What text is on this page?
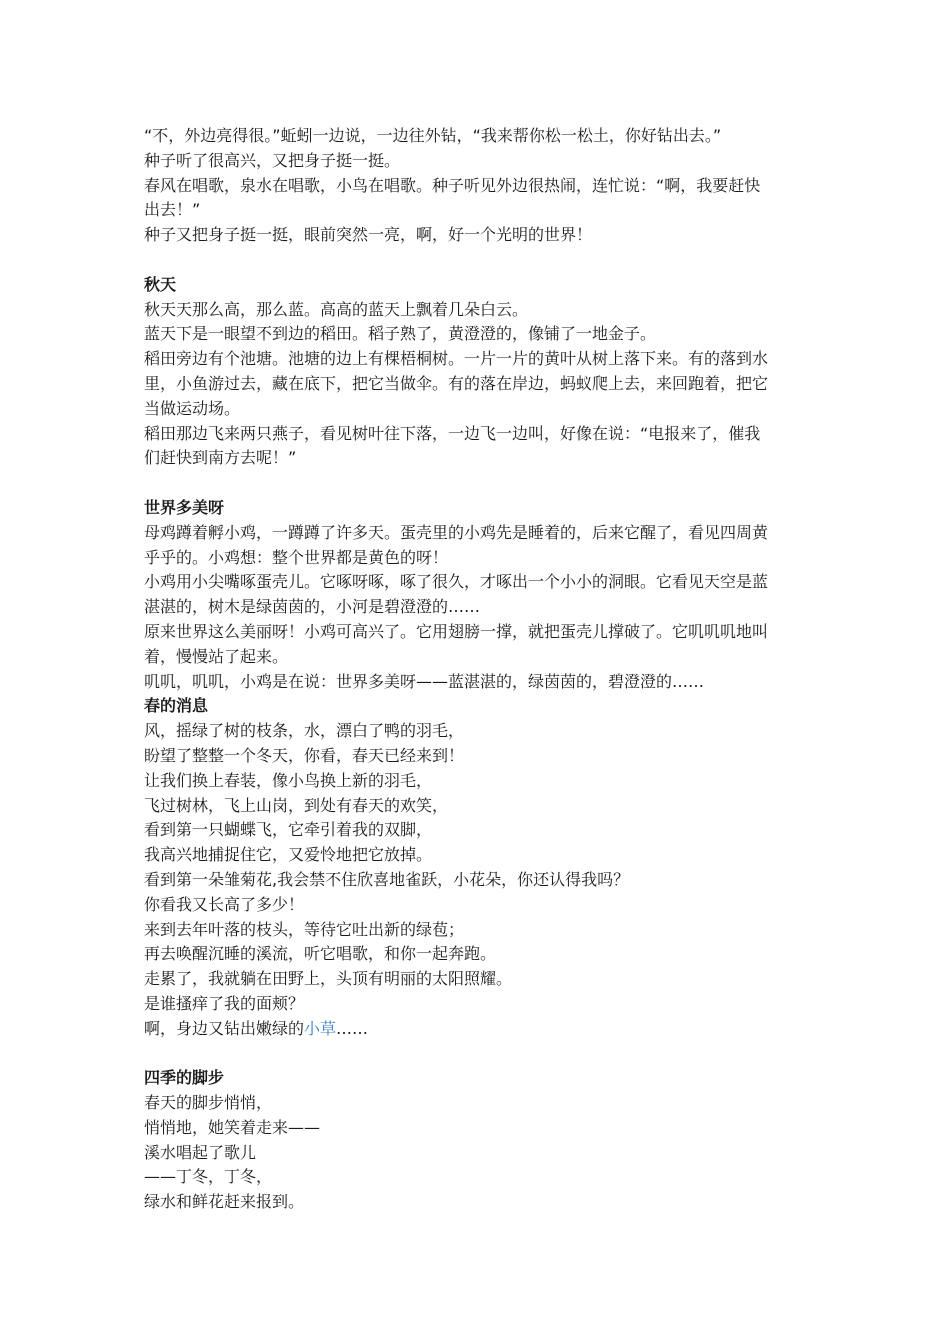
“不，外边亮得很。”蚯蚓一边说，一边往外钻，“我来帮你松一松土，你好钻出去。”
种子听了很高兴，又把身子挺一挺。
春风在唱歌，泉水在唱歌，小鸟在唱歌。种子听见外边很热闹，连忙说：“啊，我要赶快
出去！”
种子又把身子挺一挺，眼前突然一亮，啊，好一个光明的世界！
秋天
秋天天那么高，那么蓝。高高的蓝天上飘着几朵白云。
蓝天下是一眼望不到边的稻田。稻子熟了，黄澄澄的，像铺了一地金子。
稻田旁边有个池塘。池塘的边上有棵梧桐树。一片一片的黄叶从树上落下来。有的落到水
里，小鱼游过去，藏在底下，把它当做伞。有的落在岸边，蚂蚁爬上去，来回跑着，把它
当做运动场。
稻田那边飞来两只燕子，看见树叶往下落，一边飞一边叫，好像在说：“电报来了，催我
们赶快到南方去呢！”
世界多美呀
母鸡蹲着孵小鸡，一蹲蹲了许多天。蛋壳里的小鸡先是睡着的，后来它醒了，看见四周黄
乎乎的。小鸡想：整个世界都是黄色的呀！
小鸡用小尖嘴啄蛋壳儿。它啄呀啄，啄了很久，才啄出一个小小的洞眼。它看见天空是蓝
湛湛的，树木是绿茵茵的，小河是碧澄澄的……
原来世界这么美丽呀！小鸡可高兴了。它用翅膀一撑，就把蛋壳儿撑破了。它叽叽叽地叫
着，慢慢站了起来。
叽叽，叽叽，小鸡是在说：世界多美呀——蓝湛湛的，绿茵茵的，碧澄澄的……
春的消息
风，摇绿了树的枝条，水，漂白了鸭的羽毛，
盼望了整整一个冬天，你看，春天已经来到！
让我们换上春装，像小鸟换上新的羽毛，
飞过树林，飞上山岗，到处有春天的欢笑，
看到第一只蝴蝶飞，它牵引着我的双脚，
我高兴地捕捉住它，又爱怜地把它放掉。
看到第一朵雏菊花,我会禁不住欣喜地雀跃，小花朵，你还认得我吗？
你看我又长高了多少！
来到去年叶落的枝头，等待它吐出新的绿苞；
再去唤醒沉睡的溪流，听它唱歌，和你一起奔跑。
走累了，我就躺在田野上，头顶有明丽的太阳照耀。
是谁搔痒了我的面颊？
啊，身边又钻出嫩绿的小草……
四季的脚步
春天的脚步悄悄，
悄悄地，她笑着走来——
溪水唱起了歌儿
——丁冬，丁冬，
绿水和鲜花赶来报到。
